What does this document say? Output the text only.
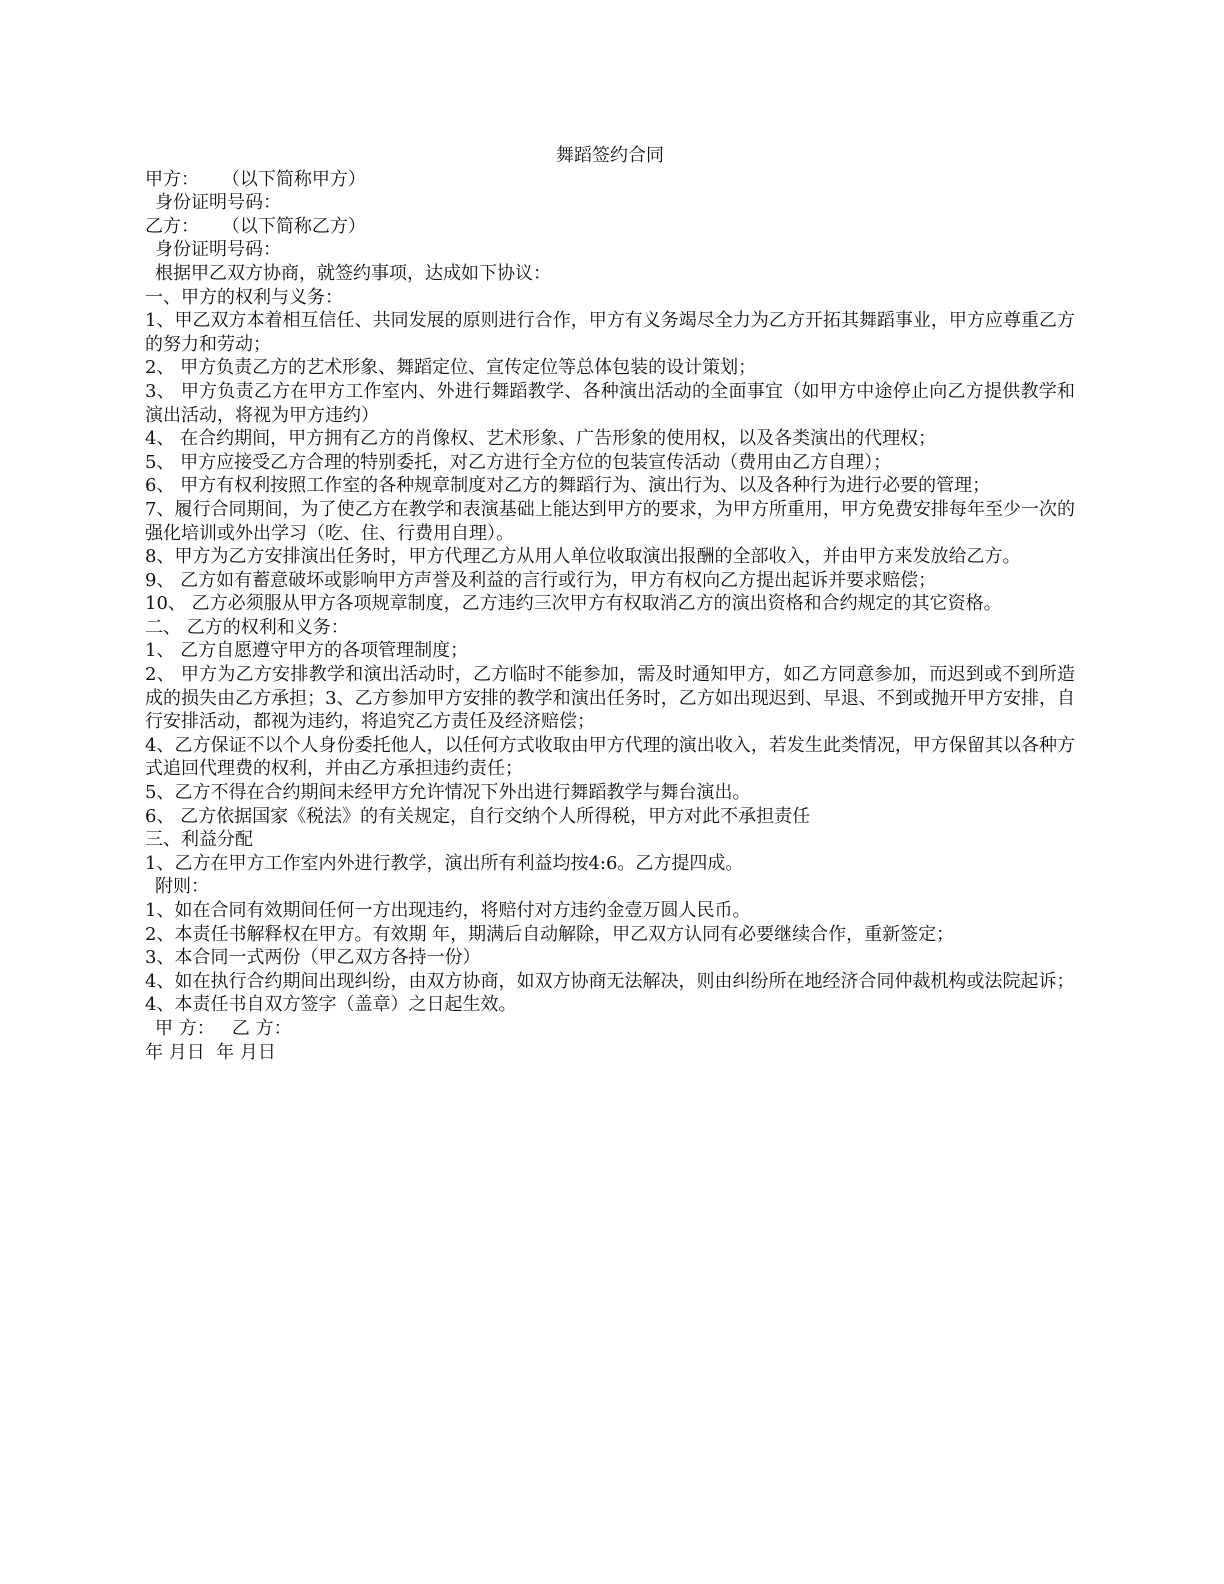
舞蹈签约合同
甲方：    （以下简称甲方）
身份证明号码：
乙方：    （以下简称乙方）
身份证明号码：
根据甲乙双方协商，就签约事项，达成如下协议：
一、甲方的权利与义务：
1、甲乙双方本着相互信任、共同发展的原则进行合作，甲方有义务竭尽全力为乙方开拓其舞蹈事业，甲方应尊重乙方的努力和劳动；
2、 甲方负责乙方的艺术形象、舞蹈定位、宣传定位等总体包装的设计策划；
3、 甲方负责乙方在甲方工作室内、外进行舞蹈教学、各种演出活动的全面事宜（如甲方中途停止向乙方提供教学和演出活动，将视为甲方违约）
4、 在合约期间，甲方拥有乙方的肖像权、艺术形象、广告形象的使用权，以及各类演出的代理权；
5、 甲方应接受乙方合理的特别委托，对乙方进行全方位的包装宣传活动（费用由乙方自理）；
6、 甲方有权利按照工作室的各种规章制度对乙方的舞蹈行为、演出行为、以及各种行为进行必要的管理；
7、履行合同期间，为了使乙方在教学和表演基础上能达到甲方的要求，为甲方所重用，甲方免费安排每年至少一次的强化培训或外出学习（吃、住、行费用自理）。
8、甲方为乙方安排演出任务时，甲方代理乙方从用人单位收取演出报酬的全部收入，并由甲方来发放给乙方。
9、 乙方如有蓄意破坏或影响甲方声誉及利益的言行或行为，甲方有权向乙方提出起诉并要求赔偿；
10、 乙方必须服从甲方各项规章制度，乙方违约三次甲方有权取消乙方的演出资格和合约规定的其它资格。
二、 乙方的权利和义务：
1、 乙方自愿遵守甲方的各项管理制度；
2、 甲方为乙方安排教学和演出活动时，乙方临时不能参加，需及时通知甲方，如乙方同意参加，而迟到或不到所造成的损失由乙方承担；3、乙方参加甲方安排的教学和演出任务时，乙方如出现迟到、早退、不到或抛开甲方安排，自行安排活动，都视为违约，将追究乙方责任及经济赔偿；
4、乙方保证不以个人身份委托他人，以任何方式收取由甲方代理的演出收入，若发生此类情况，甲方保留其以各种方式追回代理费的权利，并由乙方承担违约责任；
5、乙方不得在合约期间未经甲方允许情况下外出进行舞蹈教学与舞台演出。
6、 乙方依据国家《税法》的有关规定，自行交纳个人所得税，甲方对此不承担责任
三、利益分配
1、乙方在甲方工作室内外进行教学，演出所有利益均按4:6。乙方提四成。
附则：
1、如在合同有效期间任何一方出现违约，将赔付对方违约金壹万圆人民币。
2、本责任书解释权在甲方。有效期 年，期满后自动解除，甲乙双方认同有必要继续合作，重新签定；
3、本合同一式两份（甲乙双方各持一份）
4、如在执行合约期间出现纠纷，由双方协商，如双方协商无法解决，则由纠纷所在地经济合同仲裁机构或法院起诉；
4、本责任书自双方签字（盖章）之日起生效。
甲 方：   乙 方：
年 月日  年 月日
